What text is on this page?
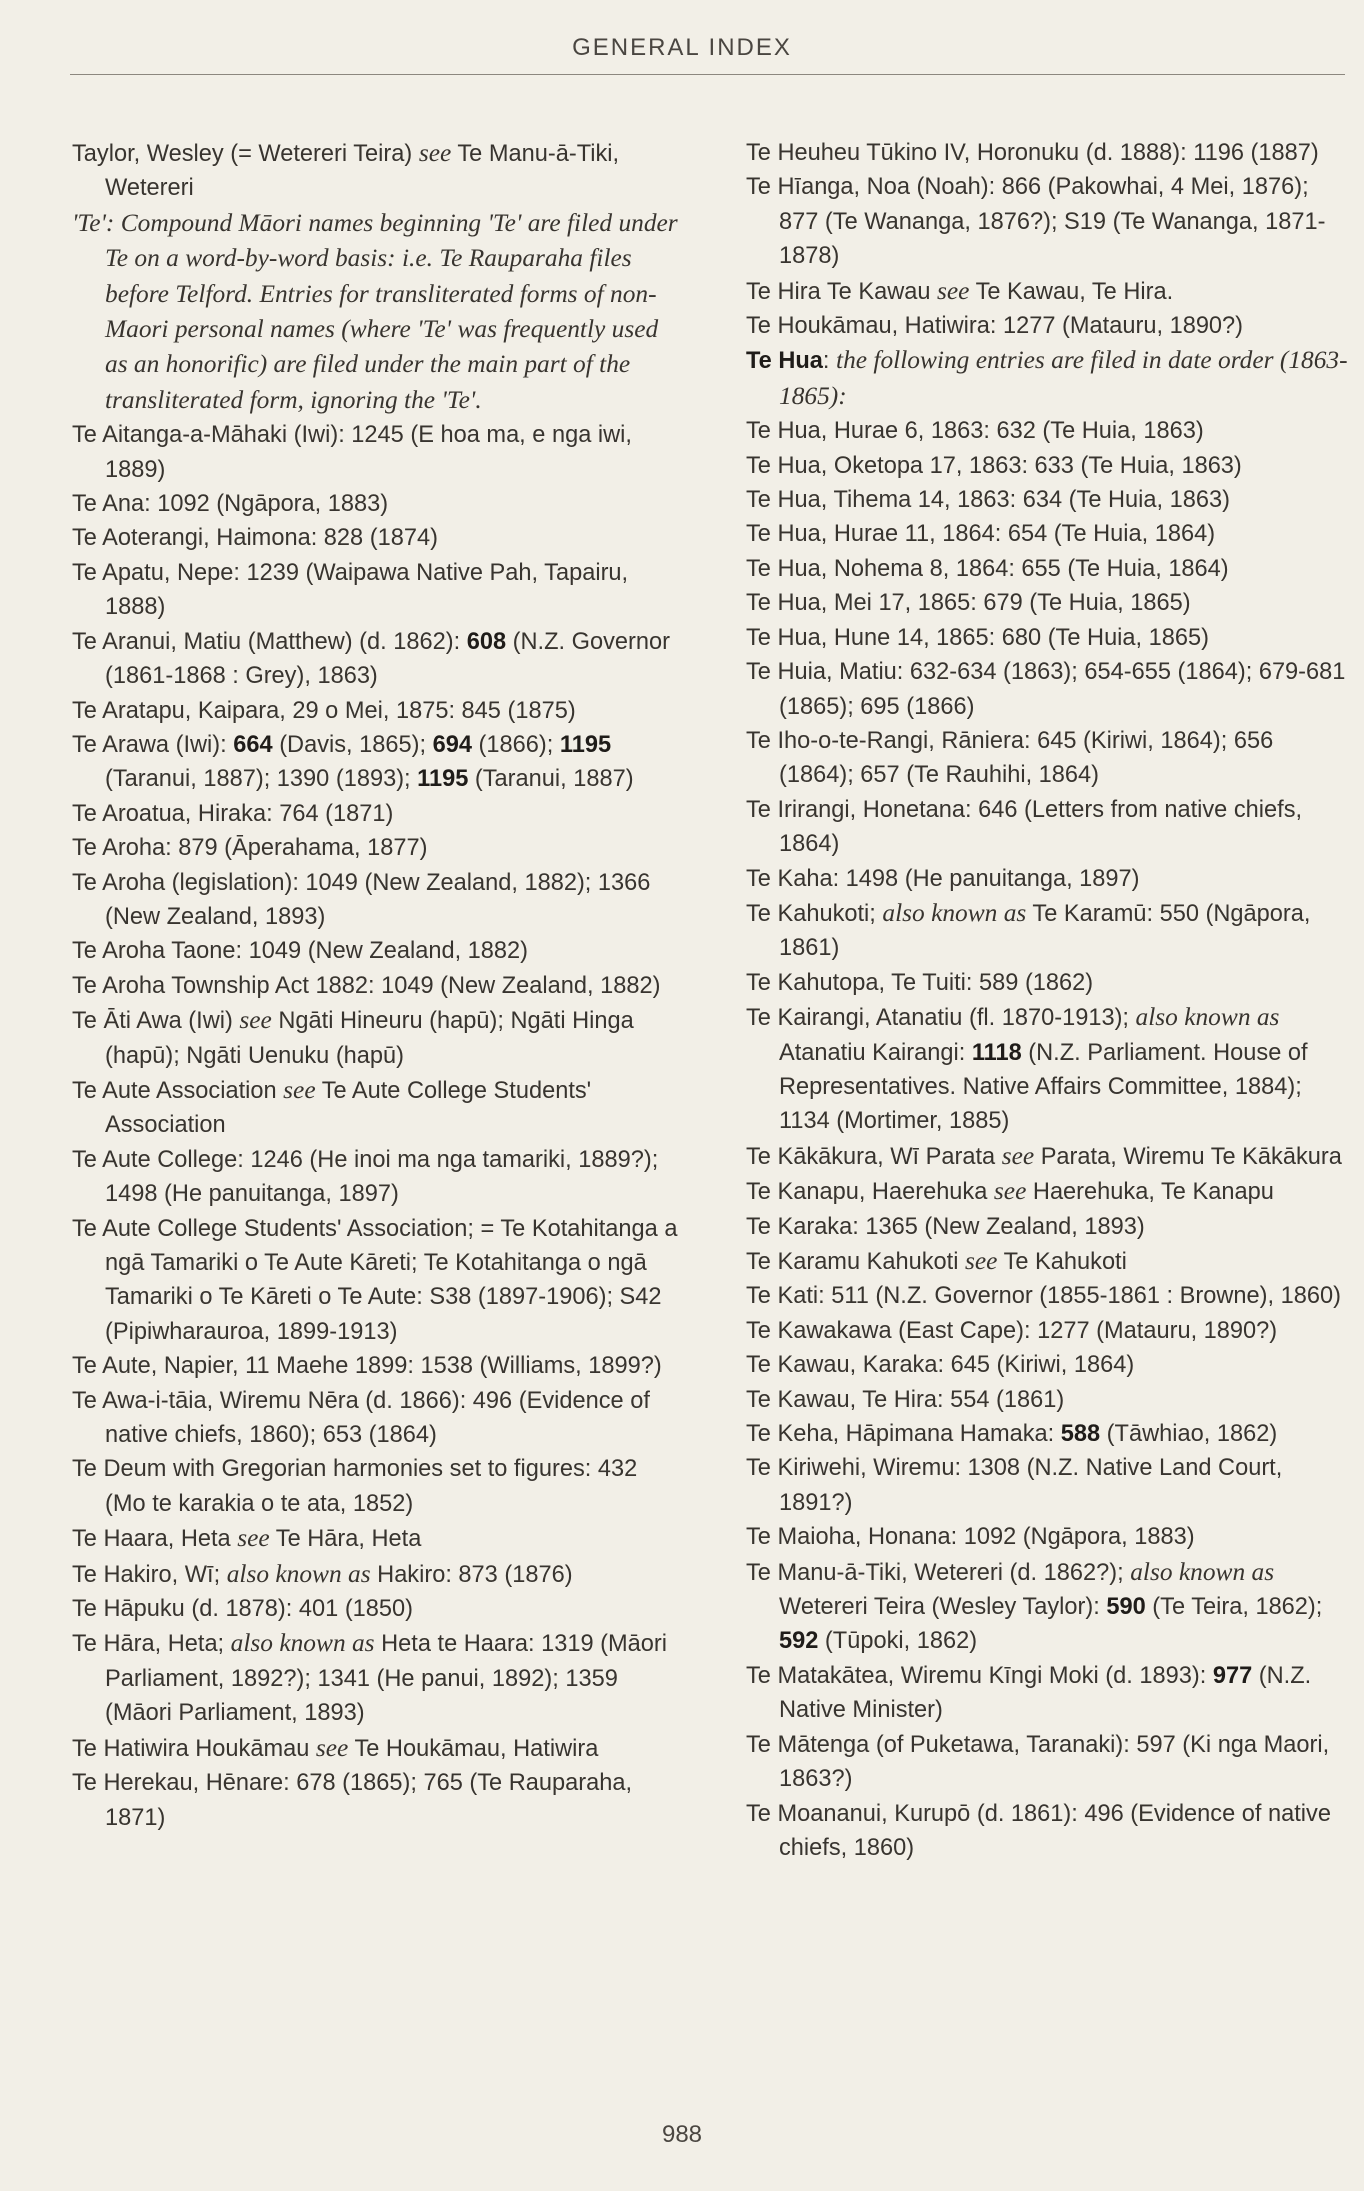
GENERAL INDEX

Taylor, Wesley (= Wetereri Teira) see Te Manu-ā-Tiki, Wetereri

'Te': Compound Māori names beginning 'Te' are filed under Te on a word-by-word basis: i.e. Te Rauparaha files before Telford. Entries for transliterated forms of non-Maori personal names (where 'Te' was frequently used as an honorific) are filed under the main part of the transliterated form, ignoring the 'Te'.

Te Aitanga-a-Māhaki (Iwi): 1245 (E hoa ma, e nga iwi, 1889)

Te Ana: 1092 (Ngāpora, 1883)

Te Aoterangi, Haimona: 828 (1874)

Te Apatu, Nepe: 1239 (Waipawa Native Pah, Tapairu, 1888)

Te Aranui, Matiu (Matthew) (d. 1862): 608 (N.Z. Governor (1861-1868 : Grey), 1863)

Te Aratapu, Kaipara, 29 o Mei, 1875: 845 (1875)

Te Arawa (Iwi): 664 (Davis, 1865); 694 (1866); 1195 (Taranui, 1887); 1390 (1893); 1195 (Taranui, 1887)

Te Aroatua, Hiraka: 764 (1871)

Te Aroha: 879 (Āperahama, 1877)

Te Aroha (legislation): 1049 (New Zealand, 1882); 1366 (New Zealand, 1893)

Te Aroha Taone: 1049 (New Zealand, 1882)

Te Aroha Township Act 1882: 1049 (New Zealand, 1882)

Te Āti Awa (Iwi) see Ngāti Hineuru (hapū); Ngāti Hinga (hapū); Ngāti Uenuku (hapū)

Te Aute Association see Te Aute College Students' Association

Te Aute College: 1246 (He inoi ma nga tamariki, 1889?); 1498 (He panuitanga, 1897)

Te Aute College Students' Association; = Te Kotahitanga a ngā Tamariki o Te Aute Kāreti; Te Kotahitanga o ngā Tamariki o Te Kāreti o Te Aute: S38 (1897-1906); S42 (Pipiwharauroa, 1899-1913)

Te Aute, Napier, 11 Maehe 1899: 1538 (Williams, 1899?)

Te Awa-i-tāia, Wiremu Nēra (d. 1866): 496 (Evidence of native chiefs, 1860); 653 (1864)

Te Deum with Gregorian harmonies set to figures: 432 (Mo te karakia o te ata, 1852)

Te Haara, Heta see Te Hāra, Heta

Te Hakiro, Wī; also known as Hakiro: 873 (1876)

Te Hāpuku (d. 1878): 401 (1850)

Te Hāra, Heta; also known as Heta te Haara: 1319 (Māori Parliament, 1892?); 1341 (He panui, 1892); 1359 (Māori Parliament, 1893)

Te Hatiwira Houkāmau see Te Houkāmau, Hatiwira

Te Herekau, Hēnare: 678 (1865); 765 (Te Rauparaha, 1871)

Te Heuheu Tūkino IV, Horonuku (d. 1888): 1196 (1887)

Te Hīanga, Noa (Noah): 866 (Pakowhai, 4 Mei, 1876); 877 (Te Wananga, 1876?); S19 (Te Wananga, 1871-1878)

Te Hira Te Kawau see Te Kawau, Te Hira.

Te Houkāmau, Hatiwira: 1277 (Matauru, 1890?)

Te Hua: the following entries are filed in date order (1863-1865):

Te Hua, Hurae 6, 1863: 632 (Te Huia, 1863)

Te Hua, Oketopa 17, 1863: 633 (Te Huia, 1863)

Te Hua, Tihema 14, 1863: 634 (Te Huia, 1863)

Te Hua, Hurae 11, 1864: 654 (Te Huia, 1864)

Te Hua, Nohema 8, 1864: 655 (Te Huia, 1864)

Te Hua, Mei 17, 1865: 679 (Te Huia, 1865)

Te Hua, Hune 14, 1865: 680 (Te Huia, 1865)

Te Huia, Matiu: 632-634 (1863); 654-655 (1864); 679-681 (1865); 695 (1866)

Te Iho-o-te-Rangi, Rāniera: 645 (Kiriwi, 1864); 656 (1864); 657 (Te Rauhihi, 1864)

Te Irirangi, Honetana: 646 (Letters from native chiefs, 1864)

Te Kaha: 1498 (He panuitanga, 1897)

Te Kahukoti; also known as Te Karamū: 550 (Ngāpora, 1861)

Te Kahutopa, Te Tuiti: 589 (1862)

Te Kairangi, Atanatiu (fl. 1870-1913); also known as Atanatiu Kairangi: 1118 (N.Z. Parliament. House of Representatives. Native Affairs Committee, 1884); 1134 (Mortimer, 1885)

Te Kākākura, Wī Parata see Parata, Wiremu Te Kākākura

Te Kanapu, Haerehuka see Haerehuka, Te Kanapu

Te Karaka: 1365 (New Zealand, 1893)

Te Karamu Kahukoti see Te Kahukoti

Te Kati: 511 (N.Z. Governor (1855-1861 : Browne), 1860)

Te Kawakawa (East Cape): 1277 (Matauru, 1890?)

Te Kawau, Karaka: 645 (Kiriwi, 1864)

Te Kawau, Te Hira: 554 (1861)

Te Keha, Hāpimana Hamaka: 588 (Tāwhiao, 1862)

Te Kiriwehi, Wiremu: 1308 (N.Z. Native Land Court, 1891?)

Te Maioha, Honana: 1092 (Ngāpora, 1883)

Te Manu-ā-Tiki, Wetereri (d. 1862?); also known as Wetereri Teira (Wesley Taylor): 590 (Te Teira, 1862); 592 (Tūpoki, 1862)

Te Matakātea, Wiremu Kīngi Moki (d. 1893): 977 (N.Z. Native Minister)

Te Mātenga (of Puketawa, Taranaki): 597 (Ki nga Maori, 1863?)

Te Moananui, Kurupō (d. 1861): 496 (Evidence of native chiefs, 1860)

988
